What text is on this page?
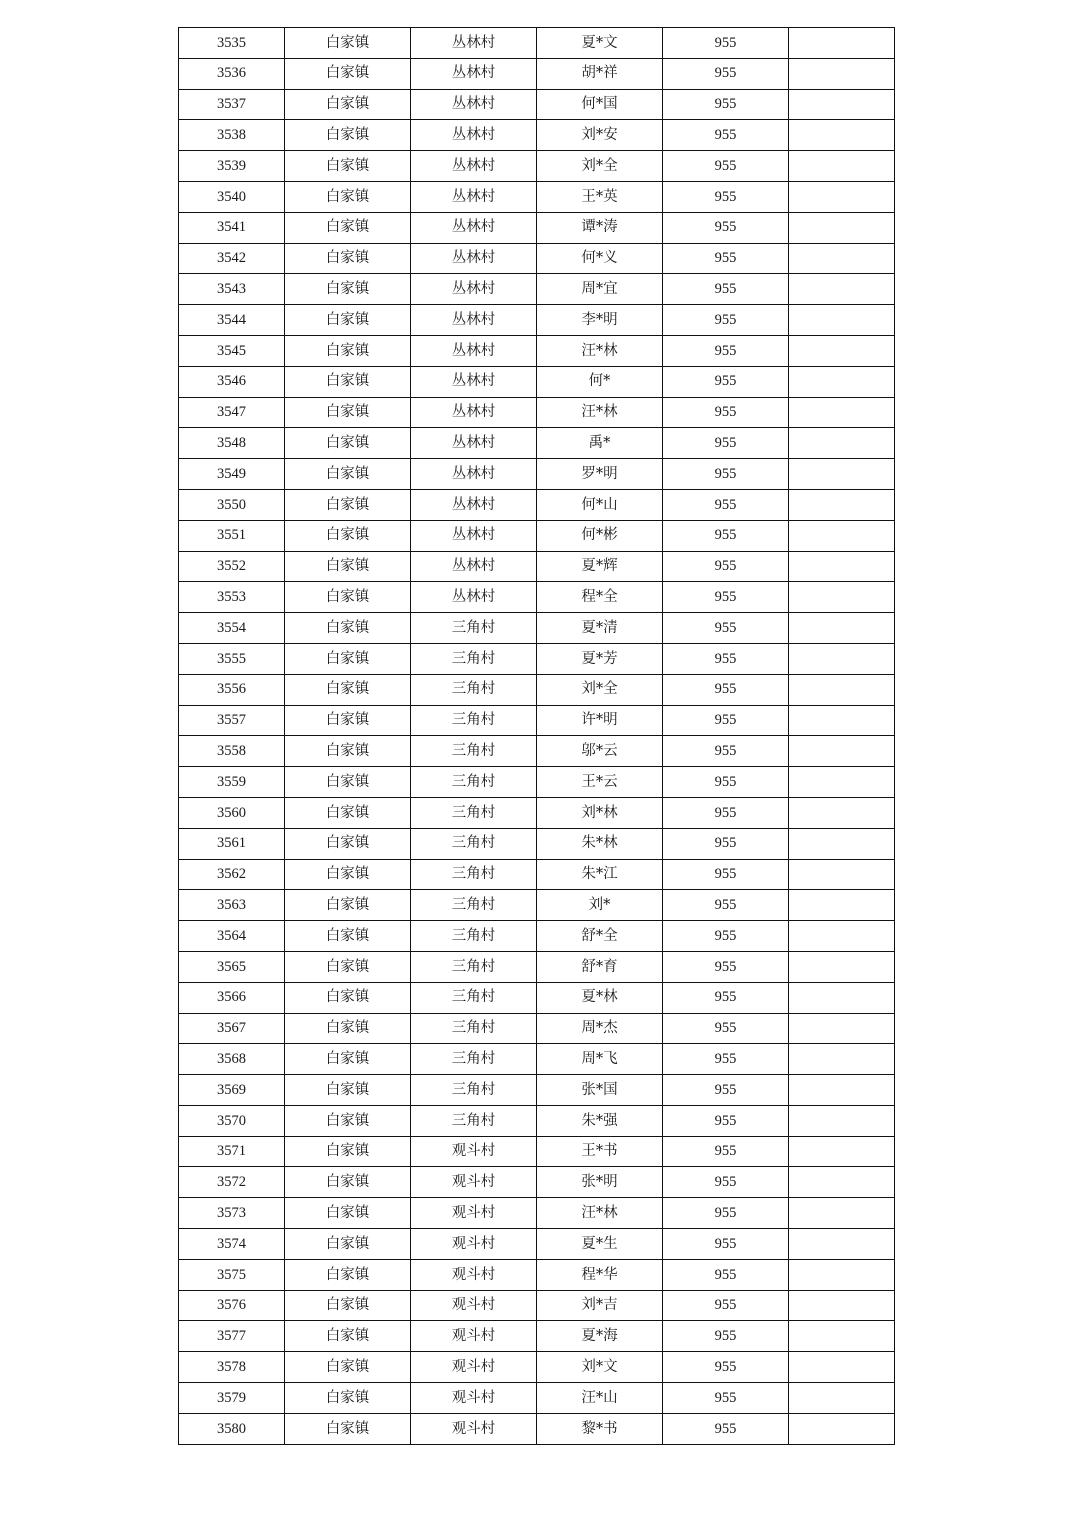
3535	白家镇	丛林村	夏*文	955	
3536	白家镇	丛林村	胡*祥	955	
3537	白家镇	丛林村	何*国	955	
3538	白家镇	丛林村	刘*安	955	
3539	白家镇	丛林村	刘*全	955	
3540	白家镇	丛林村	王*英	955	
3541	白家镇	丛林村	谭*涛	955	
3542	白家镇	丛林村	何*义	955	
3543	白家镇	丛林村	周*宜	955	
3544	白家镇	丛林村	李*明	955	
3545	白家镇	丛林村	汪*林	955	
3546	白家镇	丛林村	何*	955	
3547	白家镇	丛林村	汪*林	955	
3548	白家镇	丛林村	禹*	955	
3549	白家镇	丛林村	罗*明	955	
3550	白家镇	丛林村	何*山	955	
3551	白家镇	丛林村	何*彬	955	
3552	白家镇	丛林村	夏*辉	955	
3553	白家镇	丛林村	程*全	955	
3554	白家镇	三角村	夏*清	955	
3555	白家镇	三角村	夏*芳	955	
3556	白家镇	三角村	刘*全	955	
3557	白家镇	三角村	许*明	955	
3558	白家镇	三角村	邬*云	955	
3559	白家镇	三角村	王*云	955	
3560	白家镇	三角村	刘*林	955	
3561	白家镇	三角村	朱*林	955	
3562	白家镇	三角村	朱*江	955	
3563	白家镇	三角村	刘*	955	
3564	白家镇	三角村	舒*全	955	
3565	白家镇	三角村	舒*育	955	
3566	白家镇	三角村	夏*林	955	
3567	白家镇	三角村	周*杰	955	
3568	白家镇	三角村	周*飞	955	
3569	白家镇	三角村	张*国	955	
3570	白家镇	三角村	朱*强	955	
3571	白家镇	观斗村	王*书	955	
3572	白家镇	观斗村	张*明	955	
3573	白家镇	观斗村	汪*林	955	
3574	白家镇	观斗村	夏*生	955	
3575	白家镇	观斗村	程*华	955	
3576	白家镇	观斗村	刘*吉	955	
3577	白家镇	观斗村	夏*海	955	
3578	白家镇	观斗村	刘*文	955	
3579	白家镇	观斗村	汪*山	955	
3580	白家镇	观斗村	黎*书	955	
